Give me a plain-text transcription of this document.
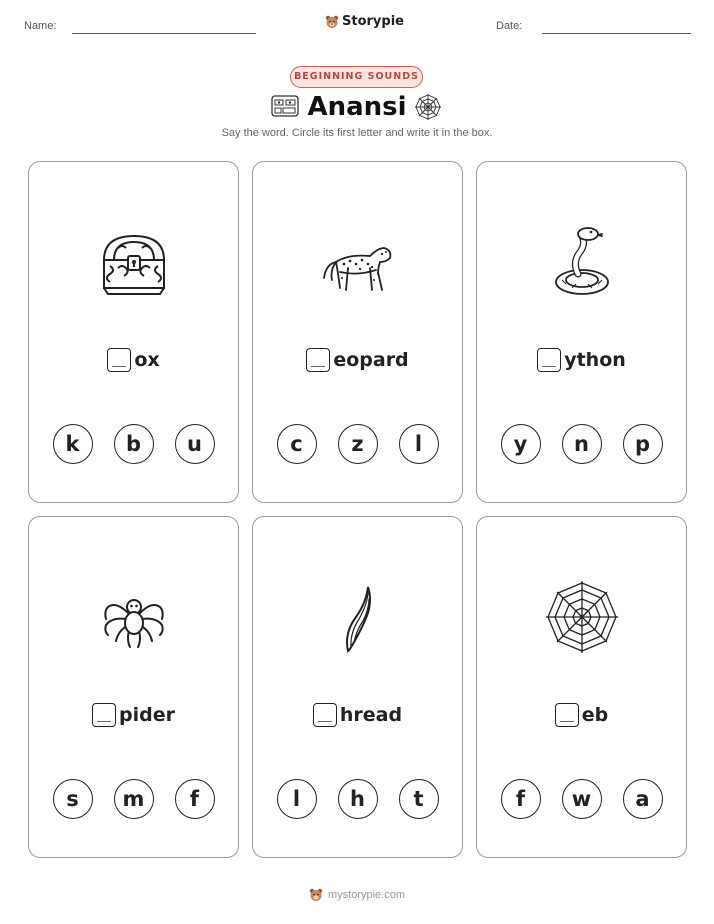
Name:	Storypie	Date:
BEGINNING SOUNDS
Anansi
Say the word. Circle its first letter and write it in the box.
ox
k	b	u
eopard
c	z	l
ython
y	n	p
pider
s	m	f
hread
l	h	t
eb
f	w	a
mystorypie.com
